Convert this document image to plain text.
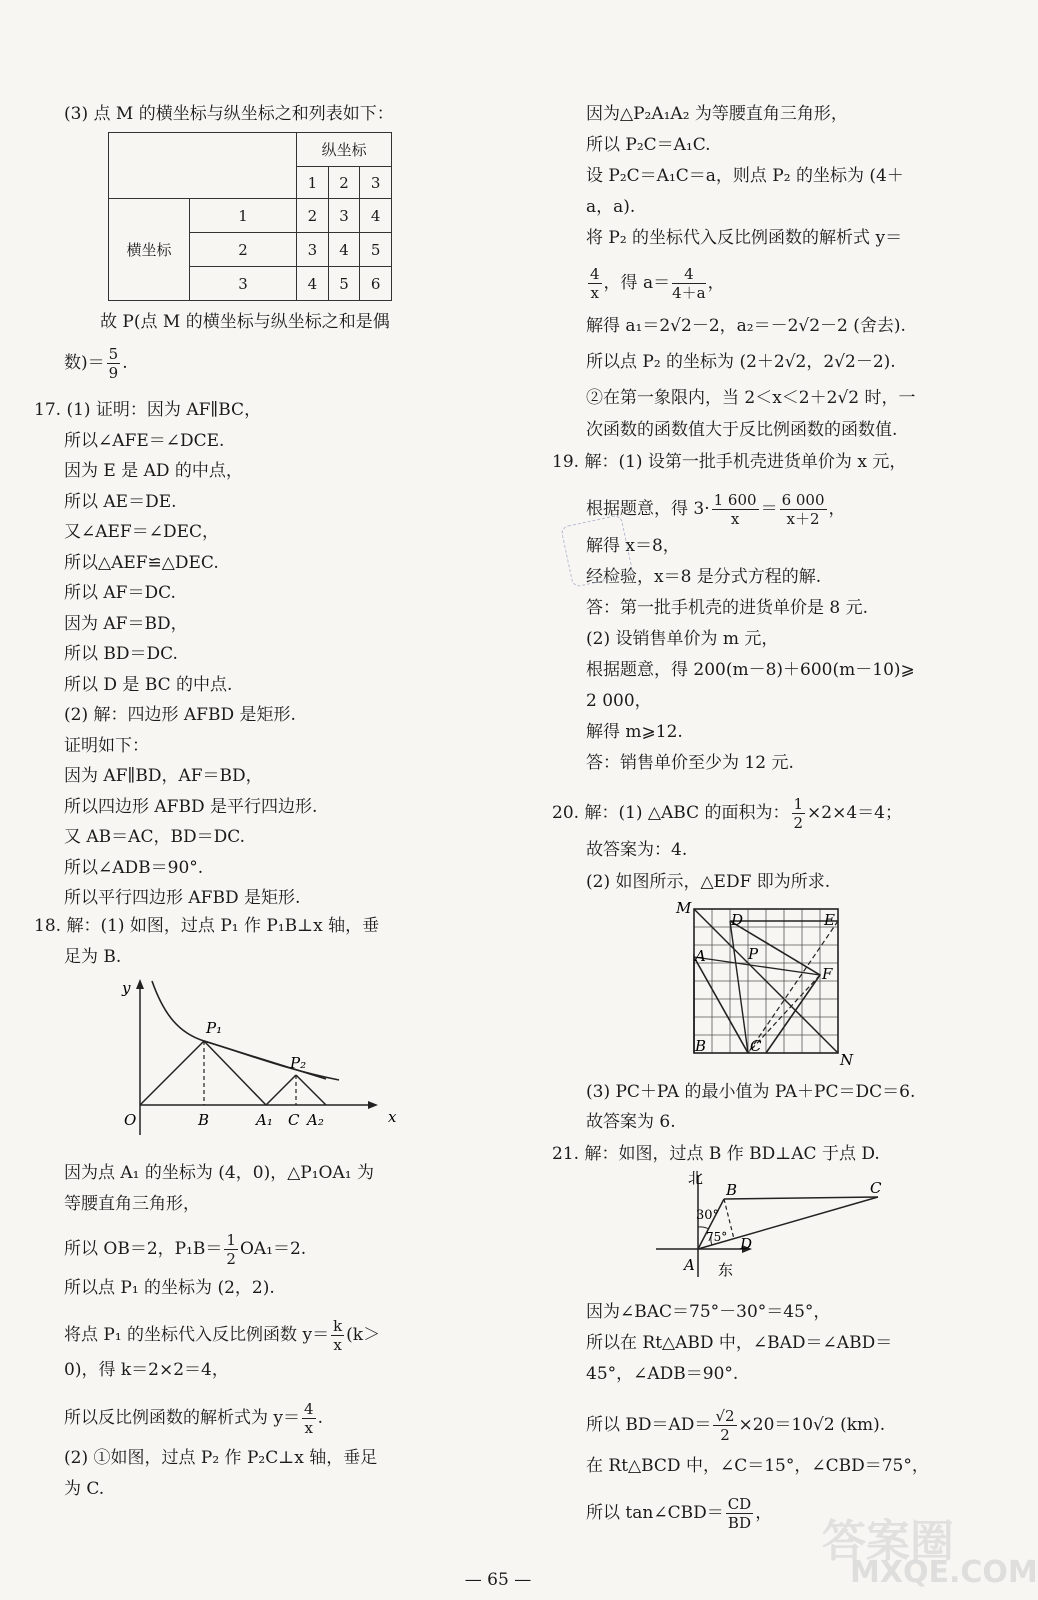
(3) 点 M 的横坐标与纵坐标之和列表如下：
		纵坐标		
		1	2	3
横坐标	1	2	3	4
	2	3	4	5
	3	4	5	6
故 P(点 M 的横坐标与纵坐标之和是偶
数)＝ $\frac{5}{9}$ .
17. (1) 证明：因为 AF∥BC，
所以∠AFE＝∠DCE.
因为 E 是 AD 的中点，
所以 AE＝DE.
又∠AEF＝∠DEC，
所以△AEF≌△DEC.
所以 AF＝DC.
因为 AF＝BD，
所以 BD＝DC.
所以 D 是 BC 的中点.
(2) 解：四边形 AFBD 是矩形.
证明如下：
因为 AF∥BD，AF＝BD，
所以四边形 AFBD 是平行四边形.
又 AB＝AC，BD＝DC.
所以∠ADB＝90°.
所以平行四边形 AFBD 是矩形.
18. 解：(1) 如图，过点 P₁ 作 P₁B⊥x 轴，垂
足为 B.
y
x
O	B	A₁ C A₂
P₁
P₂
因为点 A₁ 的坐标为 (4，0)，△P₁OA₁ 为
等腰直角三角形，
所以 OB＝2，$P_1B= \frac{1}{2} OA_1=2$.
所以点 P₁ 的坐标为 (2，2).
将点 P₁ 的坐标代入反比例函数 $y= \frac{k}{x} (k>$
0)，得 k＝2×2＝4，
所以反比例函数的解析式为 $y= \frac{4}{x}$ .
(2) ①如图，过点 P₂ 作 P₂C⊥x 轴，垂足
为 C.
因为△P₂A₁A₂ 为等腰直角三角形，
所以 P₂C＝A₁C.
设 P₂C＝A₁C＝a，则点 P₂ 的坐标为 (4＋
a，a).
将 P₂ 的坐标代入反比例函数的解析式 y＝
$\frac{4}{x}$ ，得 $a= \frac{4}{4+a}$ ，
解得 a₁＝2√2－2，a₂＝－2√2－2 (舍去).
所以点 P₂ 的坐标为 (2＋2√2，2√2－2).
②在第一象限内，当 2＜x＜2＋2√2 时，一
次函数的函数值大于反比例函数的函数值.
19. 解：(1) 设第一批手机壳进货单价为 x 元，
根据题意，得 $3\cdot \frac{1 600}{x} = \frac{6 000}{x+2}$ ，
解得 x＝8，
经检验，x＝8 是分式方程的解.
答：第一批手机壳的进货单价是 8 元.
(2) 设销售单价为 m 元，
根据题意，得 200(m－8)＋600(m－10)⩾
2 000，
解得 m⩾12.
答：销售单价至少为 12 元.
20. 解：(1) △ABC 的面积为： $\frac{1}{2} \times 2\times 4=4$；
故答案为：4.
(2) 如图所示，△EDF 即为所求.
M
D	E
A	P
F
B	C
N
(3) PC＋PA 的最小值为 PA＋PC＝DC＝6.
故答案为 6.
21. 解：如图，过点 B 作 BD⊥AC 于点 D.
北
B	C
A
D
东
30°
75°
因为∠BAC＝75°－30°＝45°，
所以在 Rt△ABD 中，∠BAD＝∠ABD＝
45°，∠ADB＝90°.
所以 $BD=AD= \frac{√2}{2} \times 20=10√2$ (km).
在 Rt△BCD 中，∠C＝15°，∠CBD＝75°，
所以 tan∠CBD＝ $\frac{CD}{BD}$ ，
答案圈
MXQE.COM
— 65 —
